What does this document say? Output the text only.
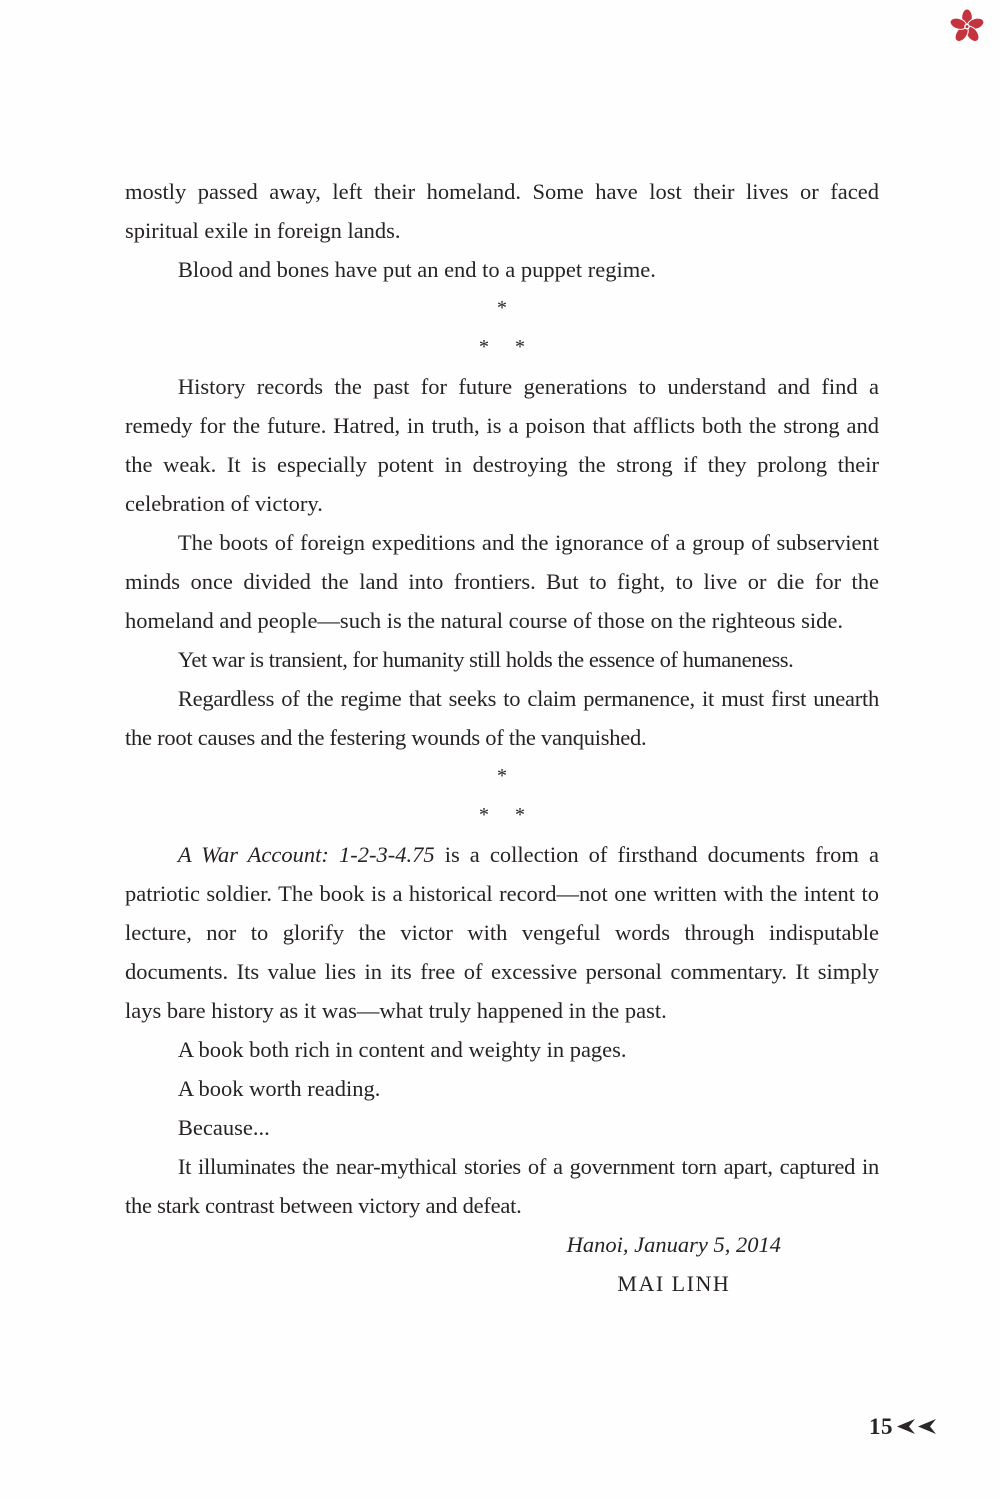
mostly passed away, left their homeland. Some have lost their lives or faced spiritual exile in foreign lands.

Blood and bones have put an end to a puppet regime.

*
* *

History records the past for future generations to understand and find a remedy for the future. Hatred, in truth, is a poison that afflicts both the strong and the weak. It is especially potent in destroying the strong if they prolong their celebration of victory.

The boots of foreign expeditions and the ignorance of a group of subservient minds once divided the land into frontiers. But to fight, to live or die for the homeland and people—such is the natural course of those on the righteous side.

Yet war is transient, for humanity still holds the essence of humaneness.

Regardless of the regime that seeks to claim permanence, it must first unearth the root causes and the festering wounds of the vanquished.

*
* *

A War Account: 1-2-3-4.75 is a collection of firsthand documents from a patriotic soldier. The book is a historical record—not one written with the intent to lecture, nor to glorify the victor with vengeful words through indisputable documents. Its value lies in its free of excessive personal commentary. It simply lays bare history as it was—what truly happened in the past.

A book both rich in content and weighty in pages.

A book worth reading.

Because...

It illuminates the near-mythical stories of a government torn apart, captured in the stark contrast between victory and defeat.

Hanoi, January 5, 2014
MAI LINH
15
